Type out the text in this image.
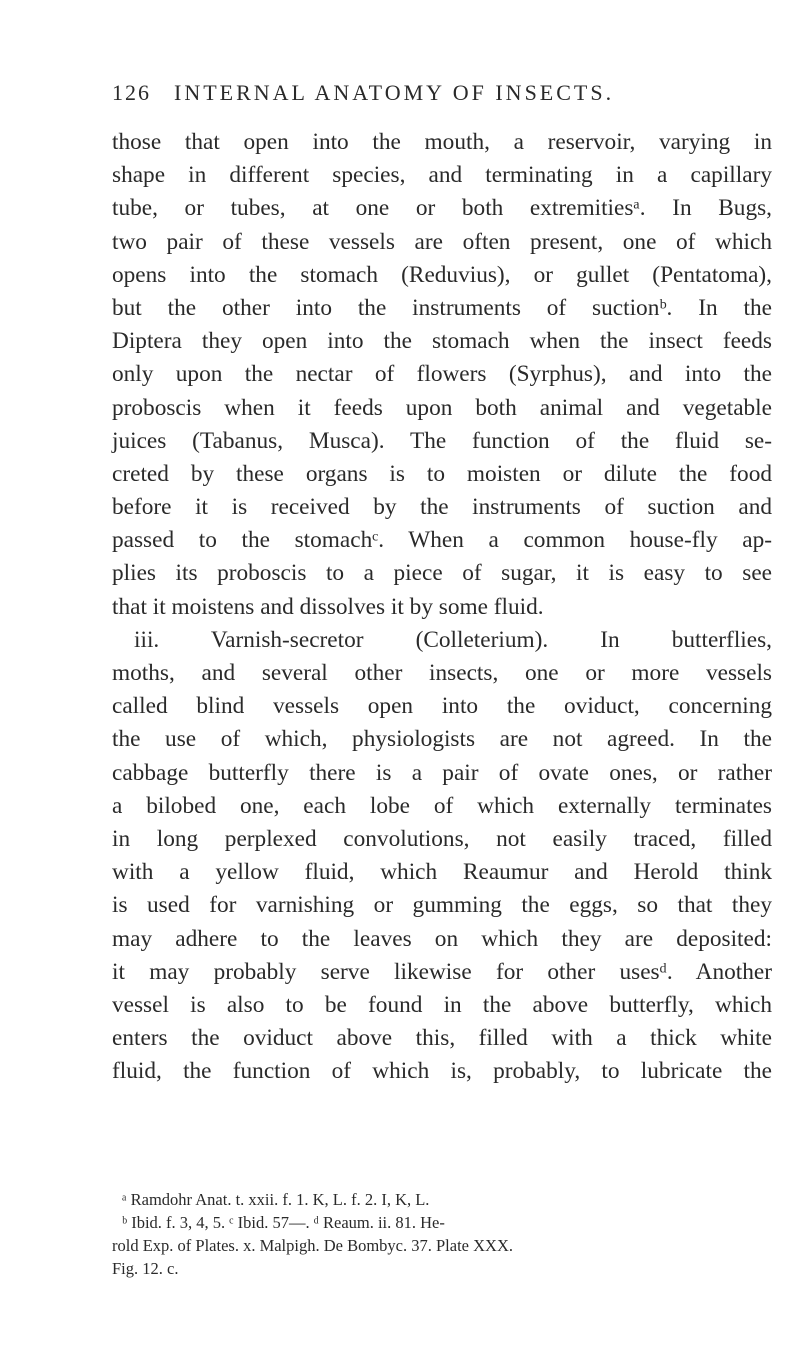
126 INTERNAL ANATOMY OF INSECTS.
those that open into the mouth, a reservoir, varying in
shape in different species, and terminating in a capillary
tube, or tubes, at one or both extremitiesᵃ. In Bugs,
two pair of these vessels are often present, one of which
opens into the stomach (Reduvius), or gullet (Pentatoma),
but the other into the instruments of suctionᵇ. In the
Diptera they open into the stomach when the insect feeds
only upon the nectar of flowers (Syrphus), and into the
proboscis when it feeds upon both animal and vegetable
juices (Tabanus, Musca). The function of the fluid se-
creted by these organs is to moisten or dilute the food
before it is received by the instruments of suction and
passed to the stomachᶜ. When a common house-fly ap-
plies its proboscis to a piece of sugar, it is easy to see
that it moistens and dissolves it by some fluid.
iii. Varnish-secretor (Colleterium). In butterflies,
moths, and several other insects, one or more vessels
called blind vessels open into the oviduct, concerning
the use of which, physiologists are not agreed. In the
cabbage butterfly there is a pair of ovate ones, or rather
a bilobed one, each lobe of which externally terminates
in long perplexed convolutions, not easily traced, filled
with a yellow fluid, which Reaumur and Herold think
is used for varnishing or gumming the eggs, so that they
may adhere to the leaves on which they are deposited:
it may probably serve likewise for other usesᵈ. Another
vessel is also to be found in the above butterfly, which
enters the oviduct above this, filled with a thick white
fluid, the function of which is, probably, to lubricate the
ᵃ Ramdohr Anat. t. xxii. f. 1. K, L. f. 2. I, K, L.
ᵇ Ibid. f. 3, 4, 5. ᶜ Ibid. 57—. ᵈ Reaum. ii. 81. He-
rold Exp. of Plates. x. Malpigh. De Bombyc. 37. Plate XXX.
Fig. 12. c.
